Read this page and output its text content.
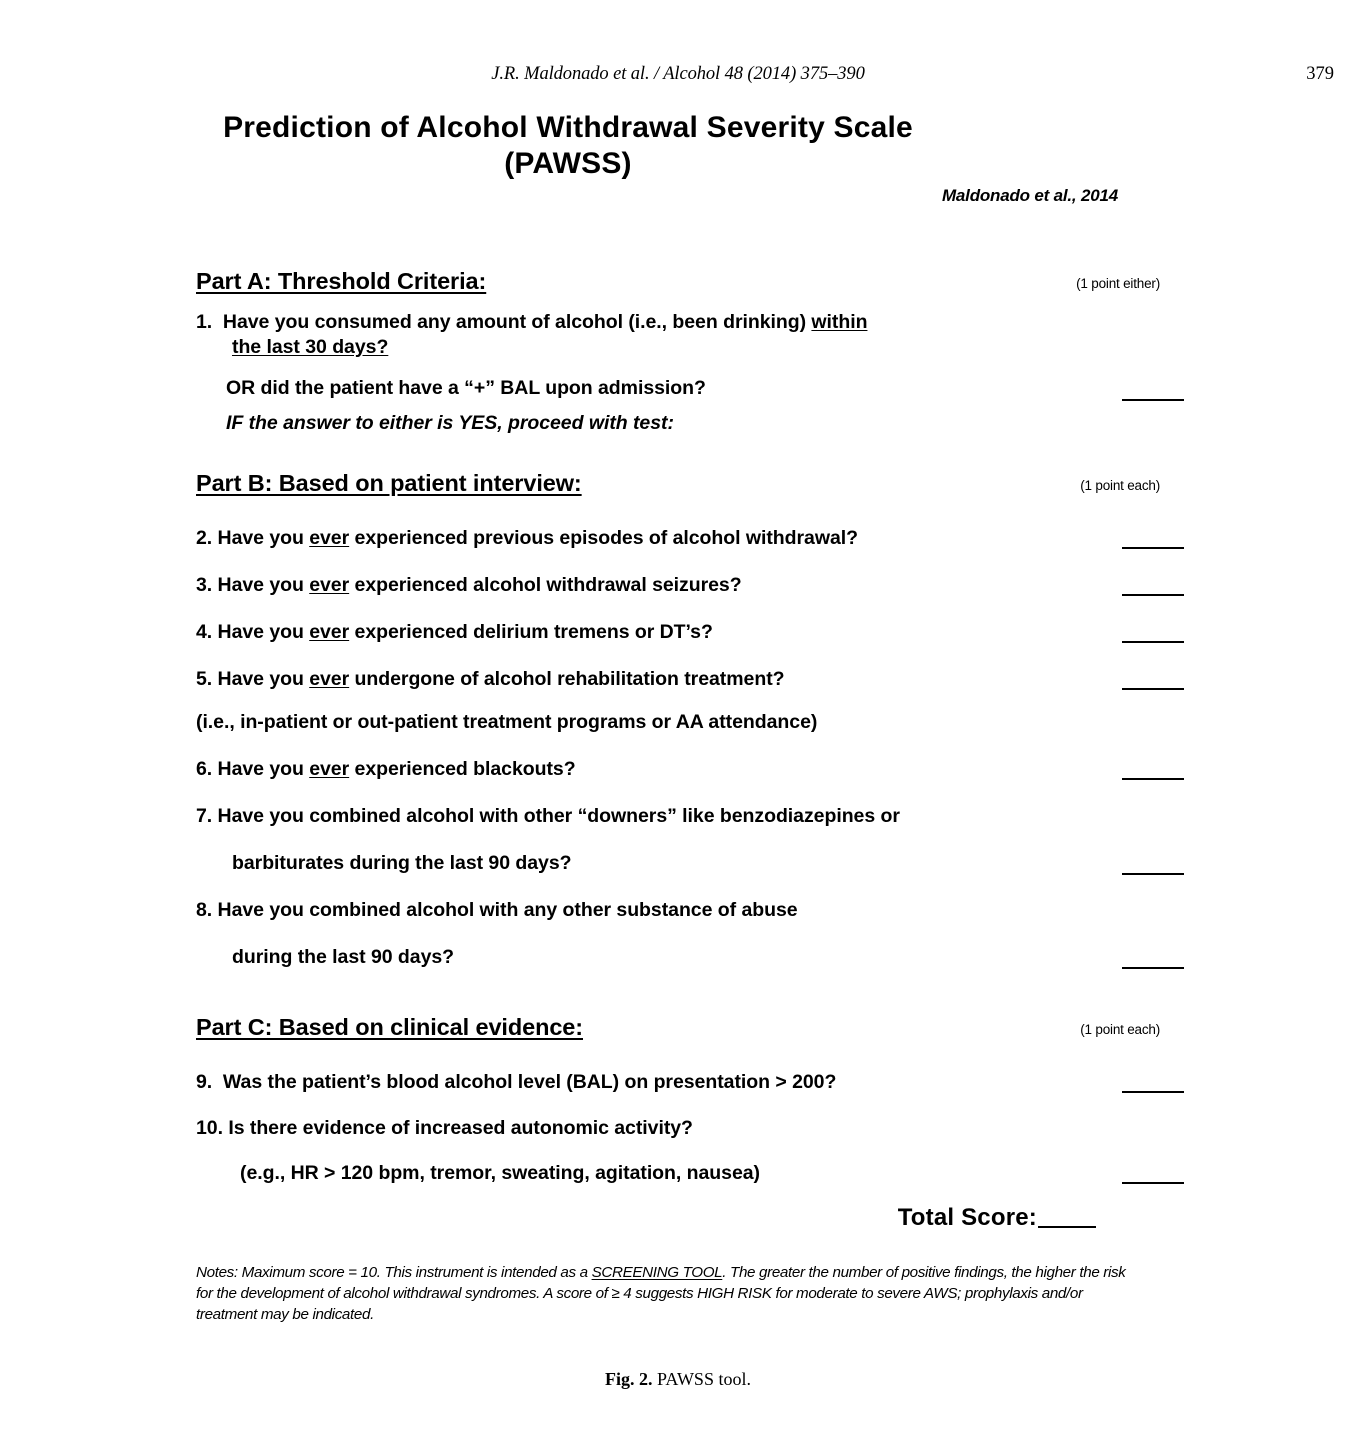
J.R. Maldonado et al. / Alcohol 48 (2014) 375–390	379
Prediction of Alcohol Withdrawal Severity Scale
(PAWSS)
Maldonado et al., 2014
Part A: Threshold Criteria:	(1 point either)
1. Have you consumed any amount of alcohol (i.e., been drinking) within
the last 30 days?
OR did the patient have a “+” BAL upon admission?
IF the answer to either is YES, proceed with test:
Part B: Based on patient interview:	(1 point each)
2. Have you ever experienced previous episodes of alcohol withdrawal?
3. Have you ever experienced alcohol withdrawal seizures?
4. Have you ever experienced delirium tremens or DT’s?
5. Have you ever undergone of alcohol rehabilitation treatment?
(i.e., in-patient or out-patient treatment programs or AA attendance)
6. Have you ever experienced blackouts?
7. Have you combined alcohol with other “downers” like benzodiazepines or
barbiturates during the last 90 days?
8. Have you combined alcohol with any other substance of abuse
during the last 90 days?
Part C: Based on clinical evidence:	(1 point each)
9. Was the patient’s blood alcohol level (BAL) on presentation > 200?
10. Is there evidence of increased autonomic activity?
(e.g., HR > 120 bpm, tremor, sweating, agitation, nausea)
Total Score:
Notes: Maximum score = 10. This instrument is intended as a SCREENING TOOL. The greater the number of positive findings, the higher the risk for the development of alcohol withdrawal syndromes. A score of ≥ 4 suggests HIGH RISK for moderate to severe AWS; prophylaxis and/or treatment may be indicated.
Fig. 2. PAWSS tool.
